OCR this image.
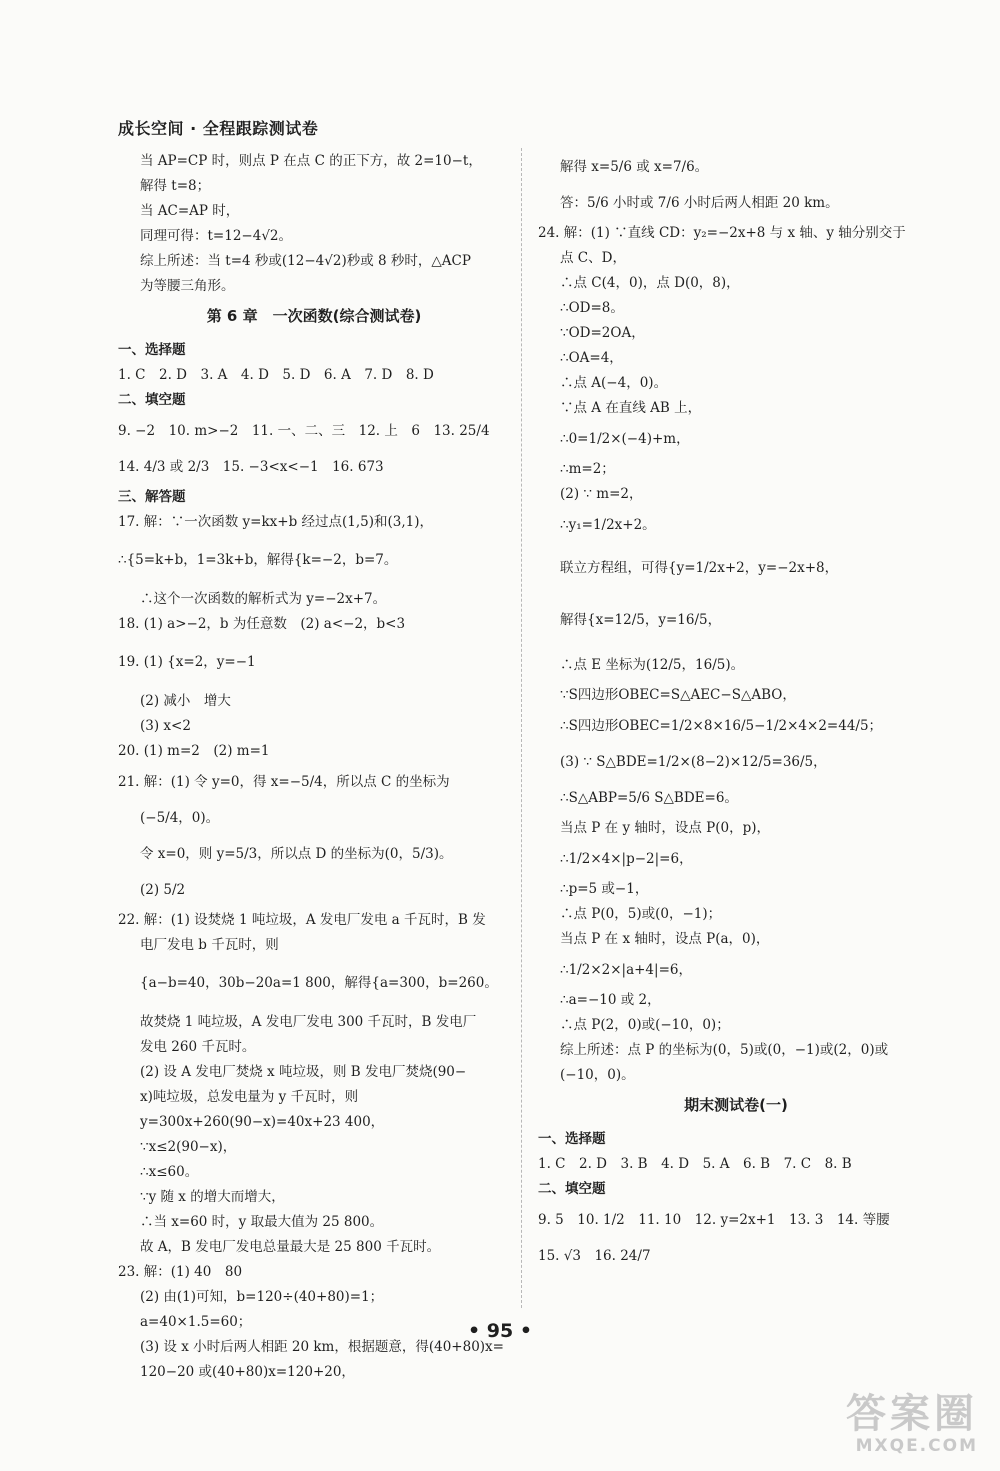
成长空间 · 全程跟踪测试卷
当 AP=CP 时，则点 P 在点 C 的正下方，故 2=10−t，
解得 t=8；
当 AC=AP 时，
同理可得：t=12−4√2。
综上所述：当 t=4 秒或(12−4√2)秒或 8 秒时，△ACP
为等腰三角形。
第 6 章　一次函数(综合测试卷)
一、选择题
1. C　2. D　3. A　4. D　5. D　6. A　7. D　8. D
二、填空题
9. −2　10. m>−2　11. 一、二、三　12. 上　6　13. 25/4
14. 4/3 或 2/3　15. −3<x<−1　16. 673
三、解答题
17. 解：∵一次函数 y=kx+b 经过点(1,5)和(3,1)，
∴{5=k+b，1=3k+b，解得{k=−2，b=7。
∴这个一次函数的解析式为 y=−2x+7。
18. (1) a>−2，b 为任意数　(2) a<−2，b<3
19. (1) {x=2，y=−1
(2) 减小　增大
(3) x<2
20. (1) m=2　(2) m=1
21. 解：(1) 令 y=0，得 x=−5/4，所以点 C 的坐标为
(−5/4，0)。
令 x=0，则 y=5/3，所以点 D 的坐标为(0，5/3)。
(2) 5/2
22. 解：(1) 设焚烧 1 吨垃圾，A 发电厂发电 a 千瓦时，B 发
电厂发电 b 千瓦时，则
{a−b=40，30b−20a=1 800，解得{a=300，b=260。
故焚烧 1 吨垃圾，A 发电厂发电 300 千瓦时，B 发电厂
发电 260 千瓦时。
(2) 设 A 发电厂焚烧 x 吨垃圾，则 B 发电厂焚烧(90−
x)吨垃圾，总发电量为 y 千瓦时，则
y=300x+260(90−x)=40x+23 400，
∵x≤2(90−x)，
∴x≤60。
∵y 随 x 的增大而增大，
∴当 x=60 时，y 取最大值为 25 800。
故 A，B 发电厂发电总量最大是 25 800 千瓦时。
23. 解：(1) 40　80
(2) 由(1)可知，b=120÷(40+80)=1；
a=40×1.5=60；
(3) 设 x 小时后两人相距 20 km，根据题意，得(40+80)x=
120−20 或(40+80)x=120+20，
解得 x=5/6 或 x=7/6。
答：5/6 小时或 7/6 小时后两人相距 20 km。
24. 解：(1) ∵直线 CD：y₂=−2x+8 与 x 轴、y 轴分别交于
点 C、D，
∴点 C(4，0)，点 D(0，8)，
∴OD=8。
∵OD=2OA，
∴OA=4，
∴点 A(−4，0)。
∵点 A 在直线 AB 上，
∴0=1/2×(−4)+m，
∴m=2；
(2) ∵ m=2，
∴y₁=1/2x+2。
联立方程组，可得{y=1/2x+2，y=−2x+8，
解得{x=12/5，y=16/5，
∴点 E 坐标为(12/5，16/5)。
∵S四边形OBEC=S△AEC−S△ABO，
∴S四边形OBEC=1/2×8×16/5−1/2×4×2=44/5；
(3) ∵ S△BDE=1/2×(8−2)×12/5=36/5，
∴S△ABP=5/6 S△BDE=6。
当点 P 在 y 轴时，设点 P(0，p)，
∴1/2×4×|p−2|=6，
∴p=5 或−1，
∴点 P(0，5)或(0，−1)；
当点 P 在 x 轴时，设点 P(a，0)，
∴1/2×2×|a+4|=6，
∴a=−10 或 2，
∴点 P(2，0)或(−10，0)；
综上所述：点 P 的坐标为(0，5)或(0，−1)或(2，0)或
(−10，0)。
期末测试卷(一)
一、选择题
1. C　2. D　3. B　4. D　5. A　6. B　7. C　8. B
二、填空题
9. 5　10. 1/2　11. 10　12. y=2x+1　13. 3　14. 等腰
15. √3　16. 24/7
• 95 •
答案圈
MXQE.COM
